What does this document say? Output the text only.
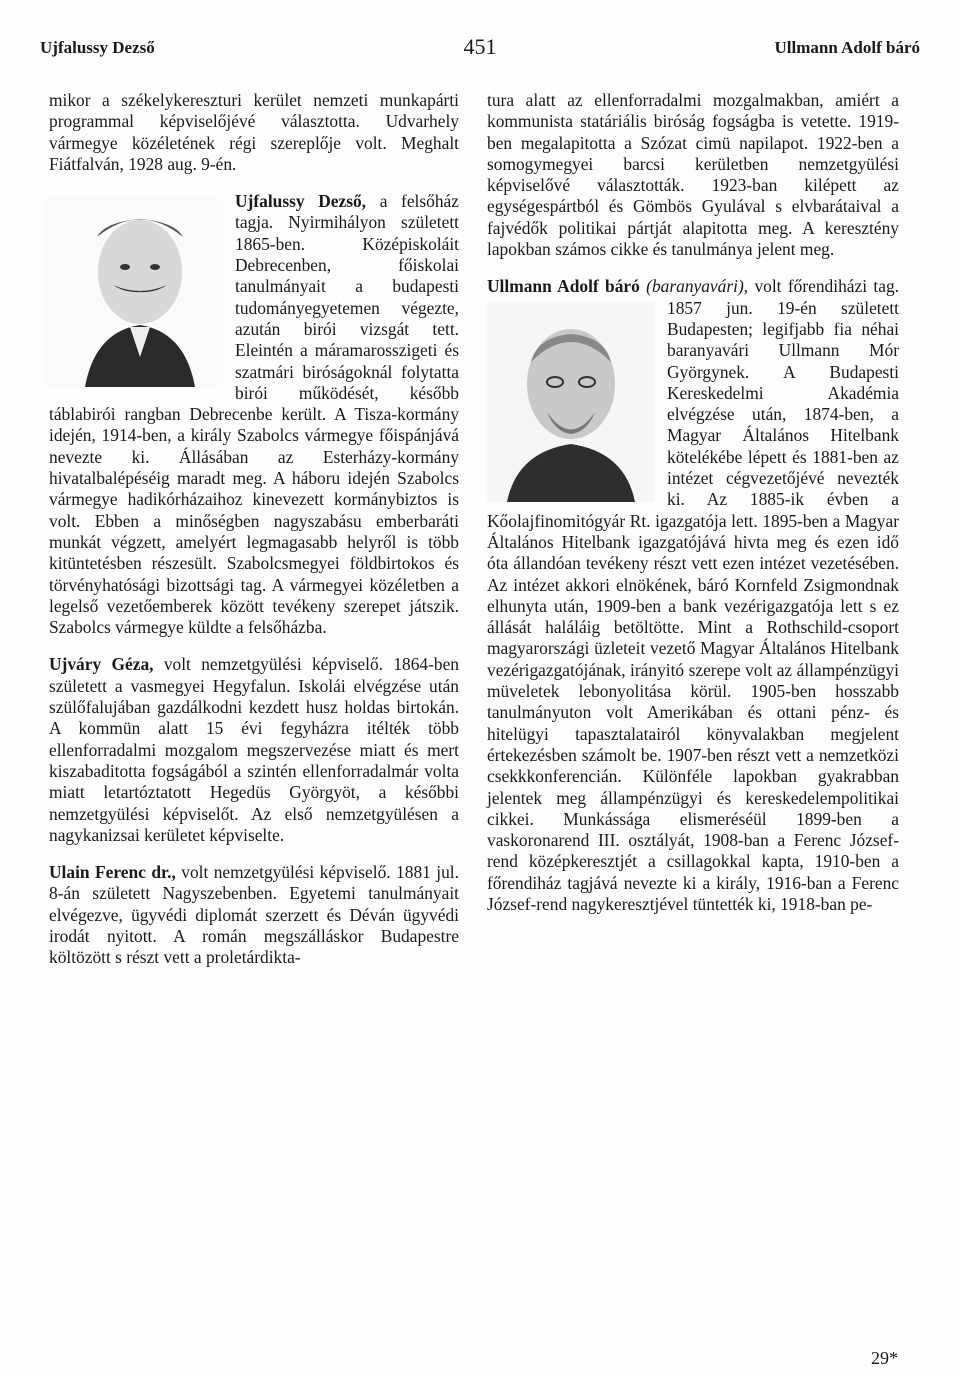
Ujfalussy Dezső	451	Ullmann Adolf báró

mikor a székelykereszturi kerület nemzeti munkapárti programmal képviselőjévé választotta. Udvarhely vármegye közéletének régi szereplője volt. Meghalt Fiátfalván, 1928 aug. 9-én.

Ujfalussy Dezső,
a felsőház tagja. Nyirmihályon született 1865-ben. Középiskoláit Debrecenben, főiskolai tanulmányait a budapesti tudományegyetemen végezte, azután birói vizsgát tett. Eleintén a máramarosszigeti és szatmári biróságoknál folytatta birói működését, később táblabirói rangban Debrecenbe került. A Tisza-kormány idején, 1914-ben, a király Szabolcs vármegye főispánjává nevezte ki. Állásában az Esterházy-kormány hivatalbalépéséig maradt meg. A háboru idején Szabolcs vármegye hadikórházaihoz kinevezett kormánybiztos is volt. Ebben a minőségben nagyszabásu emberbaráti munkát végzett, amelyért legmagasabb helyről is több kitüntetésben részesült. Szabolcsmegyei földbirtokos és törvényhatósági bizottsági tag. A vármegyei közéletben a legelső vezetőemberek között tevékeny szerepet játszik. Szabolcs vármegye küldte a felsőházba.

Ujváry Géza, volt nemzetgyülési képviselő. 1864-ben született a vasmegyei Hegyfalun. Iskolái elvégzése után szülőfalujában gazdálkodni kezdett husz holdas birtokán. A kommün alatt 15 évi fegyházra itélték több ellenforradalmi mozgalom megszervezése miatt és mert kiszabaditotta fogságából a szintén ellenforradalmár volta miatt letartóztatott Hegedüs Györgyöt, a későbbi nemzetgyülési képviselőt. Az első nemzetgyülésen a nagykanizsai kerületet képviselte.

Ulain Ferenc dr., volt nemzetgyülési képviselő. 1881 jul. 8-án született Nagyszebenben. Egyetemi tanulmányait elvégezve, ügyvédi diplomát szerzett és Déván ügyvédi irodát nyitott. A román megszálláskor Budapestre költözött s részt vett a proletárdikta-

tura alatt az ellenforradalmi mozgalmakban, amiért a kommunista statáriális biróság fogságba is vetette. 1919-ben megalapitotta a Szózat cimü napilapot. 1922-ben a somogymegyei barcsi kerületben nemzetgyülési képviselővé választották. 1923-ban kilépett az egységespártból és Gömbös Gyulával s elvbarátaival a fajvédők politikai pártját alapitotta meg. A keresztény lapokban számos cikke és tanulmánya jelent meg.

Ullmann Adolf báró (baranyavári),
volt főrendiházi tag. 1857 jun. 19-én született Budapesten; legifjabb fia néhai baranyavári Ullmann Mór Györgynek. A Budapesti Kereskedelmi Akadémia elvégzése után, 1874-ben, a Magyar Általános Hitelbank kötelékébe lépett és 1881-ben az intézet cégvezetőjévé nevezték ki. Az 1885-ik évben a Kőolajfinomitógyár Rt. igazgatója lett. 1895-ben a Magyar Általános Hitelbank igazgatójává hivta meg és ezen idő óta állandóan tevékeny részt vett ezen intézet vezetésében. Az intézet akkori elnökének, báró Kornfeld Zsigmondnak elhunyta után, 1909-ben a bank vezérigazgatója lett s ez állását haláláig betöltötte. Mint a Rothschild-csoport magyarországi üzleteit vezető Magyar Általános Hitelbank vezérigazgatójának, irányitó szerepe volt az állampénzügyi müveletek lebonyolitása körül. 1905-ben hosszabb tanulmányuton volt Amerikában és ottani pénz- és hitelügyi tapasztalatairól könyvalakban megjelent értekezésben számolt be. 1907-ben részt vett a nemzetközi csekkkonferencián. Különféle lapokban gyakrabban jelentek meg állampénzügyi és kereskedelempolitikai cikkei. Munkássága elismeréséül 1899-ben a vaskoronarend III. osztályát, 1908-ban a Ferenc József-rend középkeresztjét a csillagokkal kapta, 1910-ben a főrendiház tagjává nevezte ki a király, 1916-ban a Ferenc József-rend nagykeresztjével tüntették ki, 1918-ban pe-

29*
